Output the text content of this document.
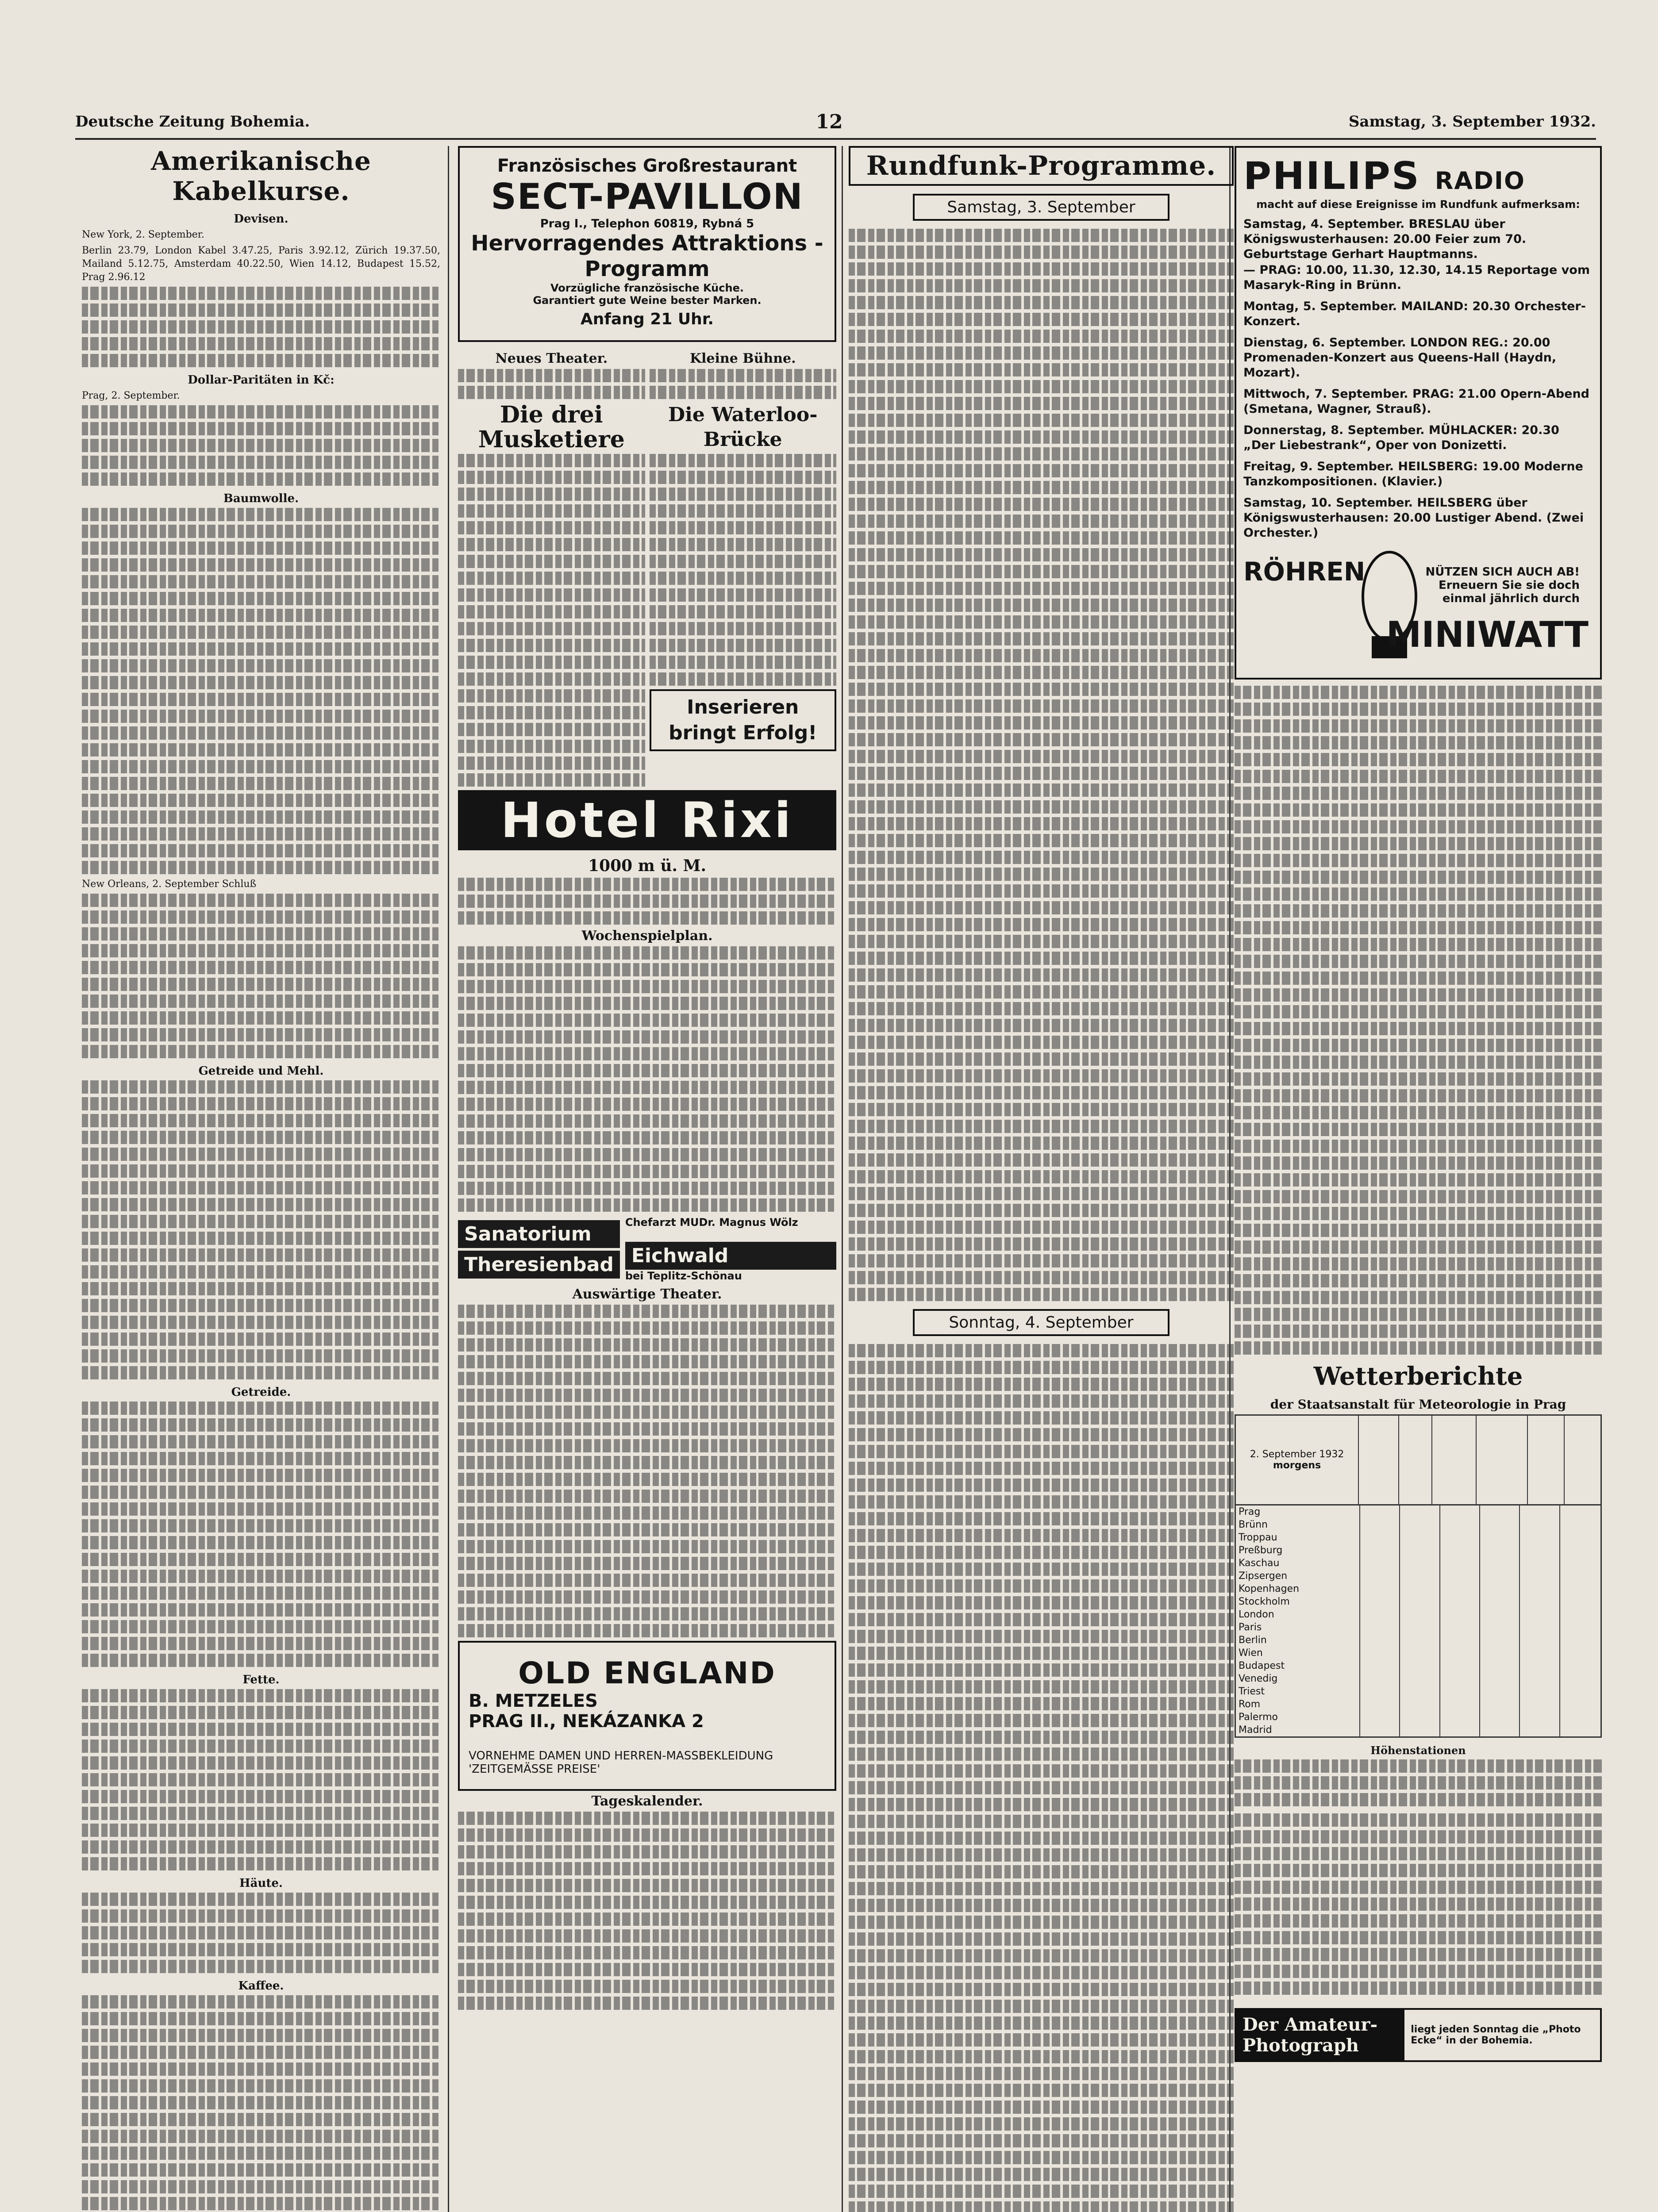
Deutsche Zeitung Bohemia.	12	Samstag, 3. September 1932.
Amerikanische Kabelkurse.
Devisen.

New York, 2. September.

Berlin 23.79, London Kabel 3.47.25, Paris 3.92.12, Zürich 19.37.50, Mailand 5.12.75, Amsterdam 40.22.50, Wien 14.12, Budapest 15.52, Prag 2.96.12

Dollar-Paritäten in Kč:

Prag, 2. September.

Baumwolle.

New Orleans, 2. September Schluß

Getreide und Mehl.
Getreide.
Fette.
Häute.
Kaffee.
Französisches Großrestaurant
SECT-PAVILLON
Prag I., Telephon 60819, Rybná 5
Hervorragendes Attraktions - Programm
Vorzügliche französische Küche.
Garantiert gute Weine bester Marken.
Anfang 21 Uhr.
Neues Theater.
Die drei Musketiere
Kleine Bühne.
Die Waterloo-Brücke
Inserieren bringt Erfolg!
Hotel Rixi
1000 m ü. M.
Wochenspielplan.
Sanatorium
Theresienbad
Chefarzt MUDr. Magnus Wölz
Eichwald
bei Teplitz-Schönau
Auswärtige Theater.
OLD ENGLAND
B. METZELES
PRAG II., NEKÁZANKA 2
VORNEHME DAMEN UND HERREN-MASSBEKLEIDUNG 'ZEITGEMÄSSE PREISE'
Tageskalender.
Rundfunk-Programme.
Samstag, 3. September
Sonntag, 4. September
PHILIPS RADIO
macht auf diese Ereignisse im Rundfunk aufmerksam:
Samstag, 4. September. BRESLAU über Königswusterhausen: 20.00 Feier zum 70. Geburtstage Gerhart Hauptmanns.
— PRAG: 10.00, 11.30, 12.30, 14.15 Reportage vom Masaryk-Ring in Brünn.
Montag, 5. September. MAILAND: 20.30 Orchester-Konzert.
Dienstag, 6. September. LONDON REG.: 20.00 Promenaden-Konzert aus Queens-Hall (Haydn, Mozart).
Mittwoch, 7. September. PRAG: 21.00 Opern-Abend (Smetana, Wagner, Strauß).
Donnerstag, 8. September. MÜHLACKER: 20.30 „Der Liebestrank“, Oper von Donizetti.
Freitag, 9. September. HEILSBERG: 19.00 Moderne Tanzkompositionen. (Klavier.)
Samstag, 10. September. HEILSBERG über Königswusterhausen: 20.00 Lustiger Abend. (Zwei Orchester.)
RÖHREN	NÜTZEN SICH AUCH AB! Erneuern Sie sie doch einmal jährlich durch
MINIWATT
Wetterberichte
der Staatsanstalt für Meteorologie in Prag
2. September 1932
morgens
Prag						
Brünn						
Troppau						
Preßburg						
Kaschau						
Zipsergen						
Kopenhagen						
Stockholm						
London						
Paris						
Berlin						
Wien						
Budapest						
Venedig						
Triest						
Rom						
Palermo						
Madrid						
Höhenstationen
Der Amateur-Photograph
liegt jeden Sonntag die „Photo Ecke“ in der Bohemia.
